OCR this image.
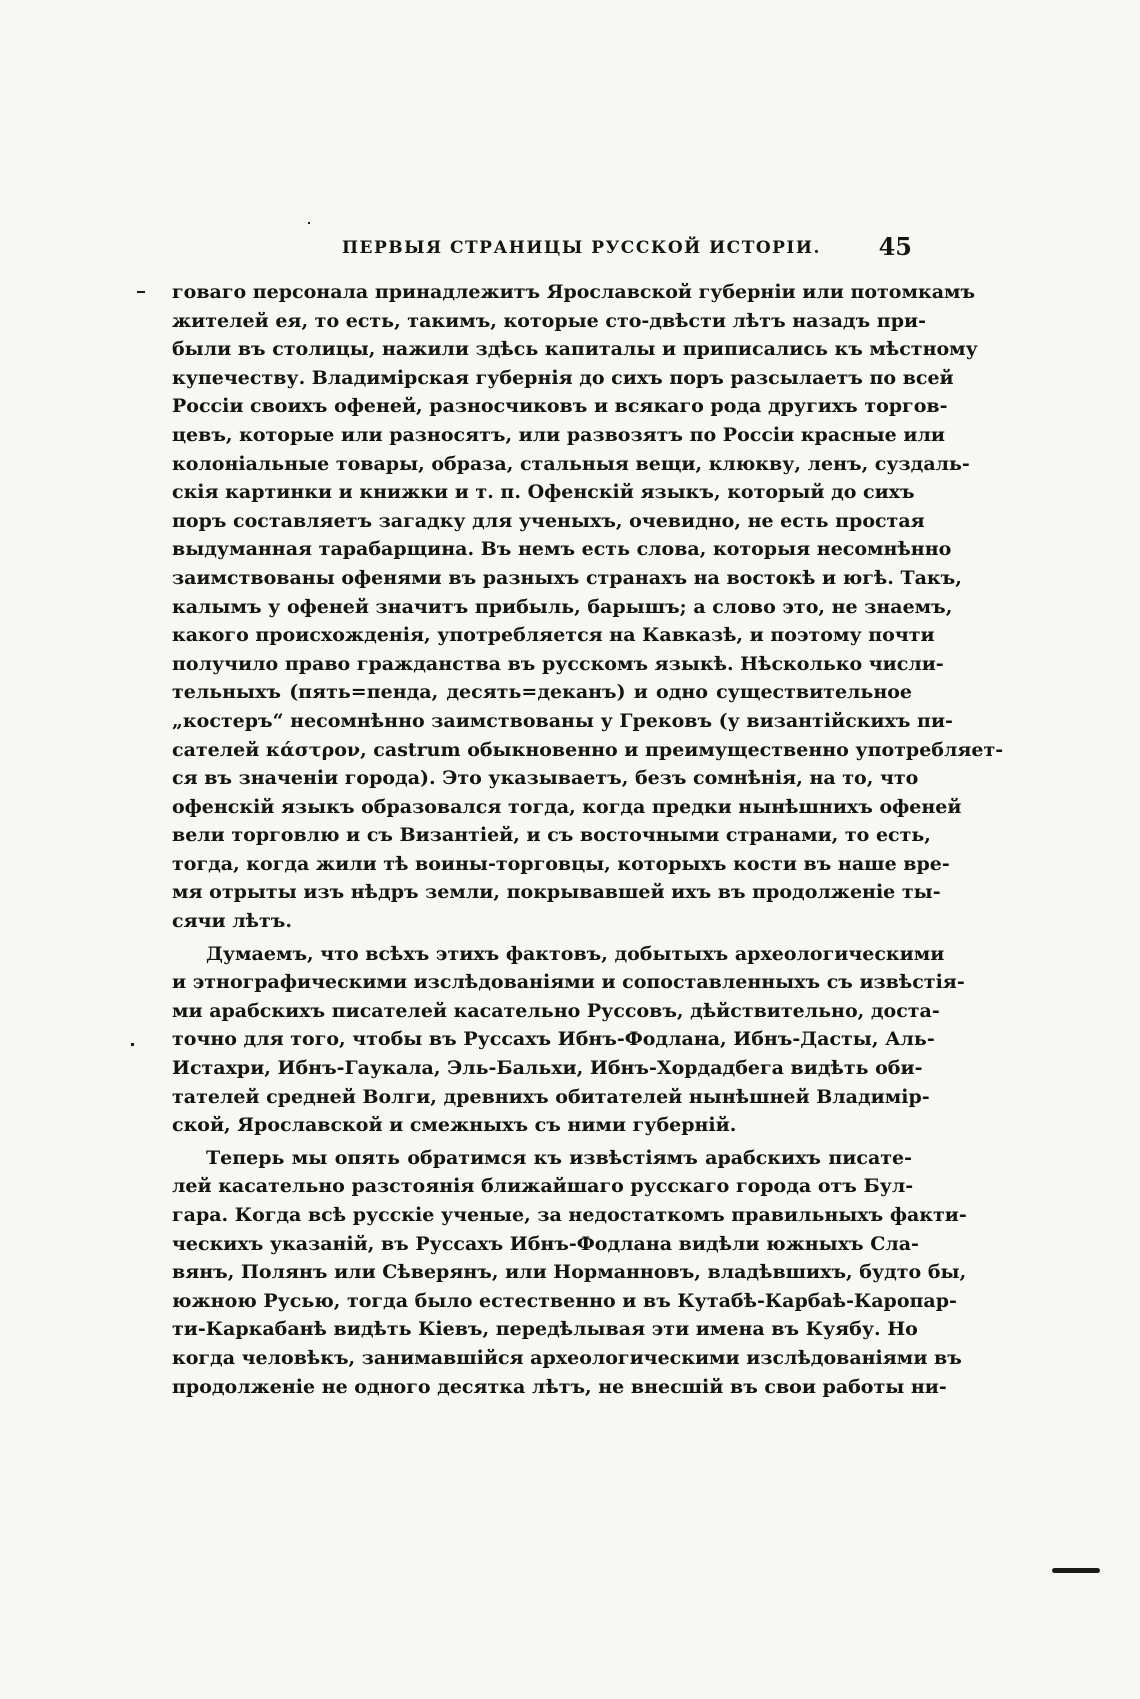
ПЕРВЫЯ СТРАНИЦЫ РУССКОЙ ИСТОРІИ. 45
говаго персонала принадлежитъ Ярославской губерніи или потомкамъ
жителей ея, то есть, такимъ, которые сто-двѣсти лѣтъ назадъ при-
были въ столицы, нажили здѣсь капиталы и приписались къ мѣстному
купечеству. Владимірская губернія до сихъ поръ разсылаетъ по всей
Россіи своихъ офеней, разносчиковъ и всякаго рода другихъ торгов-
цевъ, которые или разносятъ, или развозятъ по Россіи красные или
колоніальные товары, образа, стальныя вещи, клюкву, ленъ, суздаль-
скія картинки и книжки и т. п. Офенскій языкъ, который до сихъ
поръ составляетъ загадку для ученыхъ, очевидно, не есть простая
выдуманная тарабарщина. Въ немъ есть слова, которыя несомнѣнно
заимствованы офенями въ разныхъ странахъ на востокѣ и югѣ. Такъ,
калымъ у офеней значитъ прибыль, барышъ; а слово это, не знаемъ,
какого происхожденія, употребляется на Кавказѣ, и поэтому почти
получило право гражданства въ русскомъ языкѣ. Нѣсколько числи-
тельныхъ (пять=пенда, десять=деканъ) и одно существительное
„костеръ“ несомнѣнно заимствованы у Грековъ (у византійскихъ пи-
сателей κάστρον, castrum обыкновенно и преимущественно употребляет-
ся въ значеніи города). Это указываетъ, безъ сомнѣнія, на то, что
офенскій языкъ образовался тогда, когда предки нынѣшнихъ офеней
вели торговлю и съ Византіей, и съ восточными странами, то есть,
тогда, когда жили тѣ воины-торговцы, которыхъ кости въ наше вре-
мя отрыты изъ нѣдръ земли, покрывавшей ихъ въ продолженіе ты-
сячи лѣтъ.
Думаемъ, что всѣхъ этихъ фактовъ, добытыхъ археологическими
и этнографическими изслѣдованіями и сопоставленныхъ съ извѣстія-
ми арабскихъ писателей касательно Руссовъ, дѣйствительно, доста-
точно для того, чтобы въ Руссахъ Ибнъ-Фодлана, Ибнъ-Дасты, Аль-
Истахри, Ибнъ-Гаукала, Эль-Бальхи, Ибнъ-Хордадбега видѣть оби-
тателей средней Волги, древнихъ обитателей нынѣшней Владимір-
ской, Ярославской и смежныхъ съ ними губерній.
Теперь мы опять обратимся къ извѣстіямъ арабскихъ писате-
лей касательно разстоянія ближайшаго русскаго города отъ Бул-
гара. Когда всѣ русскіе ученые, за недостаткомъ правильныхъ факти-
ческихъ указаній, въ Руссахъ Ибнъ-Фодлана видѣли южныхъ Сла-
вянъ, Полянъ или Сѣверянъ, или Норманновъ, владѣвшихъ, будто бы,
южною Русью, тогда было естественно и въ Кутабѣ-Карбаѣ-Каропар-
ти-Каркабанѣ видѣть Кіевъ, передѣлывая эти имена въ Куябу. Но
когда человѣкъ, занимавшійся археологическими изслѣдованіями въ
продолженіе не одного десятка лѣтъ, не внесшій въ свои работы ни-
